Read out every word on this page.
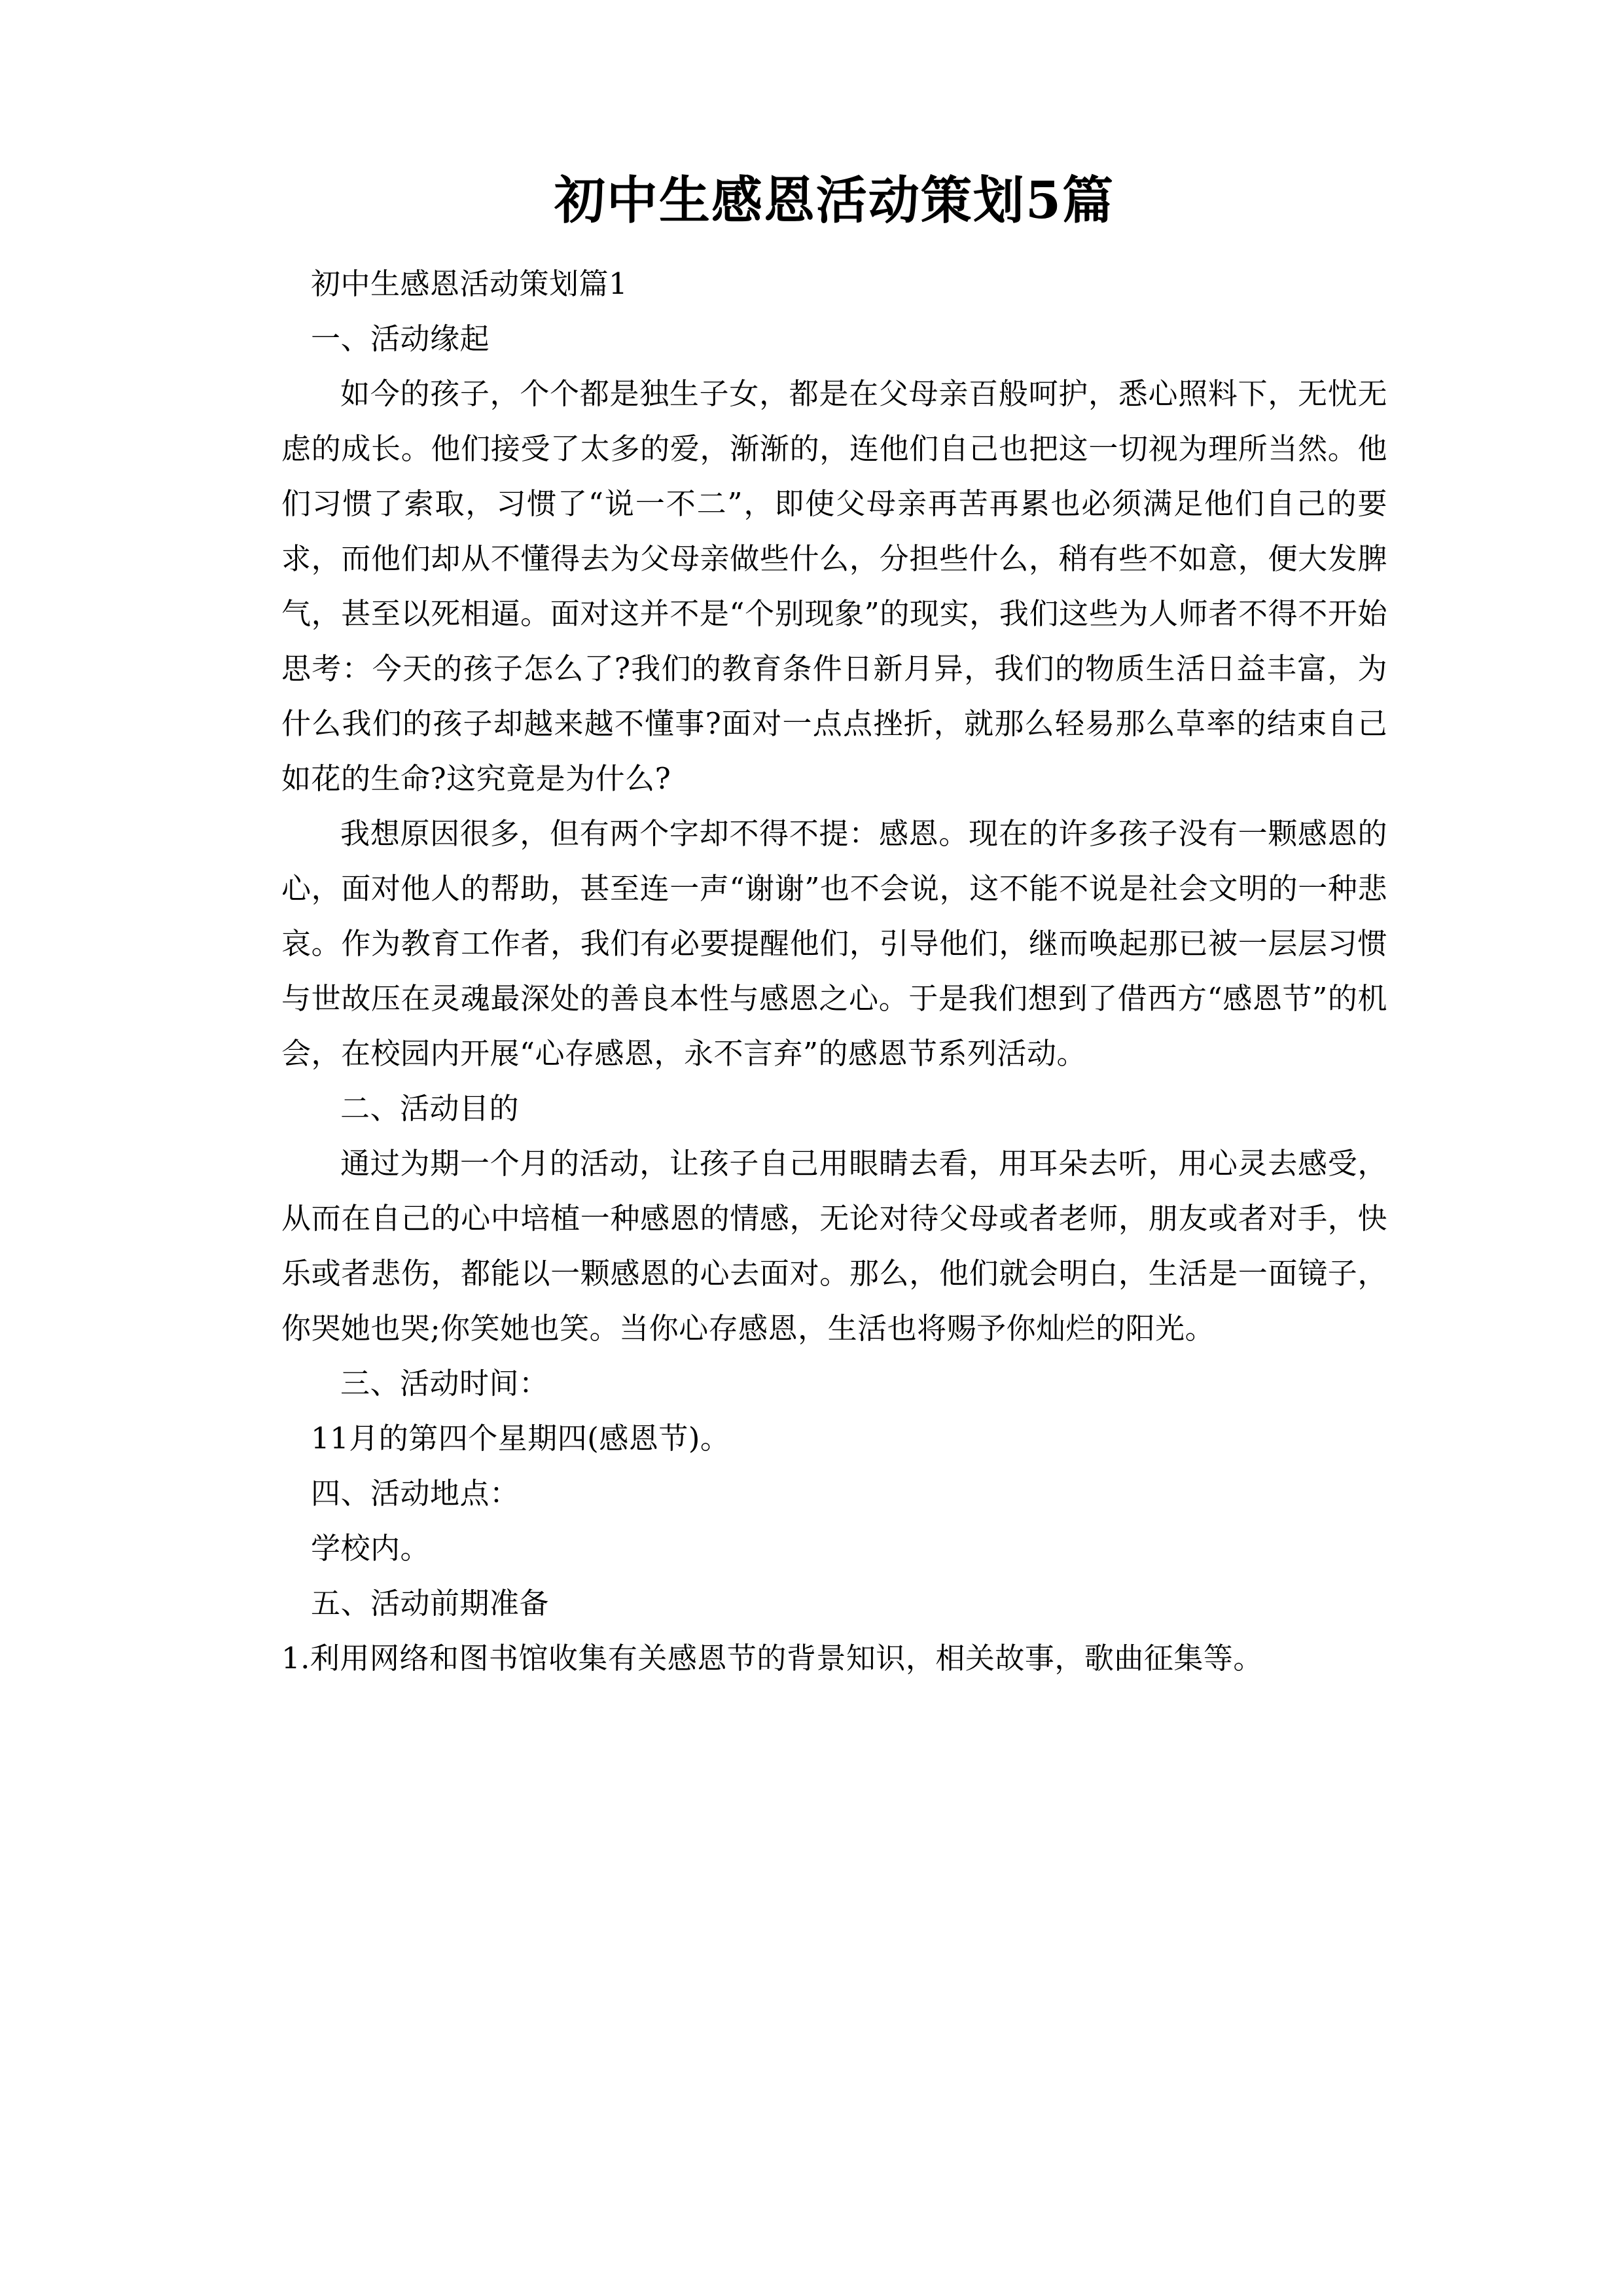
初中生感恩活动策划5篇

初中生感恩活动策划篇1

一、活动缘起

如今的孩子，个个都是独生子女，都是在父母亲百般呵护，悉心照料下，无忧无虑的成长。他们接受了太多的爱，渐渐的，连他们自己也把这一切视为理所当然。他们习惯了索取，习惯了“说一不二”，即使父母亲再苦再累也必须满足他们自己的要求，而他们却从不懂得去为父母亲做些什么，分担些什么，稍有些不如意，便大发脾气，甚至以死相逼。面对这并不是“个别现象”的现实，我们这些为人师者不得不开始思考：今天的孩子怎么了?我们的教育条件日新月异，我们的物质生活日益丰富，为什么我们的孩子却越来越不懂事?面对一点点挫折，就那么轻易那么草率的结束自己如花的生命?这究竟是为什么?

我想原因很多，但有两个字却不得不提：感恩。现在的许多孩子没有一颗感恩的心，面对他人的帮助，甚至连一声“谢谢”也不会说，这不能不说是社会文明的一种悲哀。作为教育工作者，我们有必要提醒他们，引导他们，继而唤起那已被一层层习惯与世故压在灵魂最深处的善良本性与感恩之心。于是我们想到了借西方“感恩节”的机会，在校园内开展“心存感恩，永不言弃”的感恩节系列活动。

二、活动目的

通过为期一个月的活动，让孩子自己用眼睛去看，用耳朵去听，用心灵去感受，从而在自己的心中培植一种感恩的情感，无论对待父母或者老师，朋友或者对手，快乐或者悲伤，都能以一颗感恩的心去面对。那么，他们就会明白，生活是一面镜子，你哭她也哭;你笑她也笑。当你心存感恩，生活也将赐予你灿烂的阳光。

三、活动时间：

11月的第四个星期四(感恩节)。

四、活动地点：

学校内。

五、活动前期准备

1.利用网络和图书馆收集有关感恩节的背景知识，相关故事，歌曲征集等。
